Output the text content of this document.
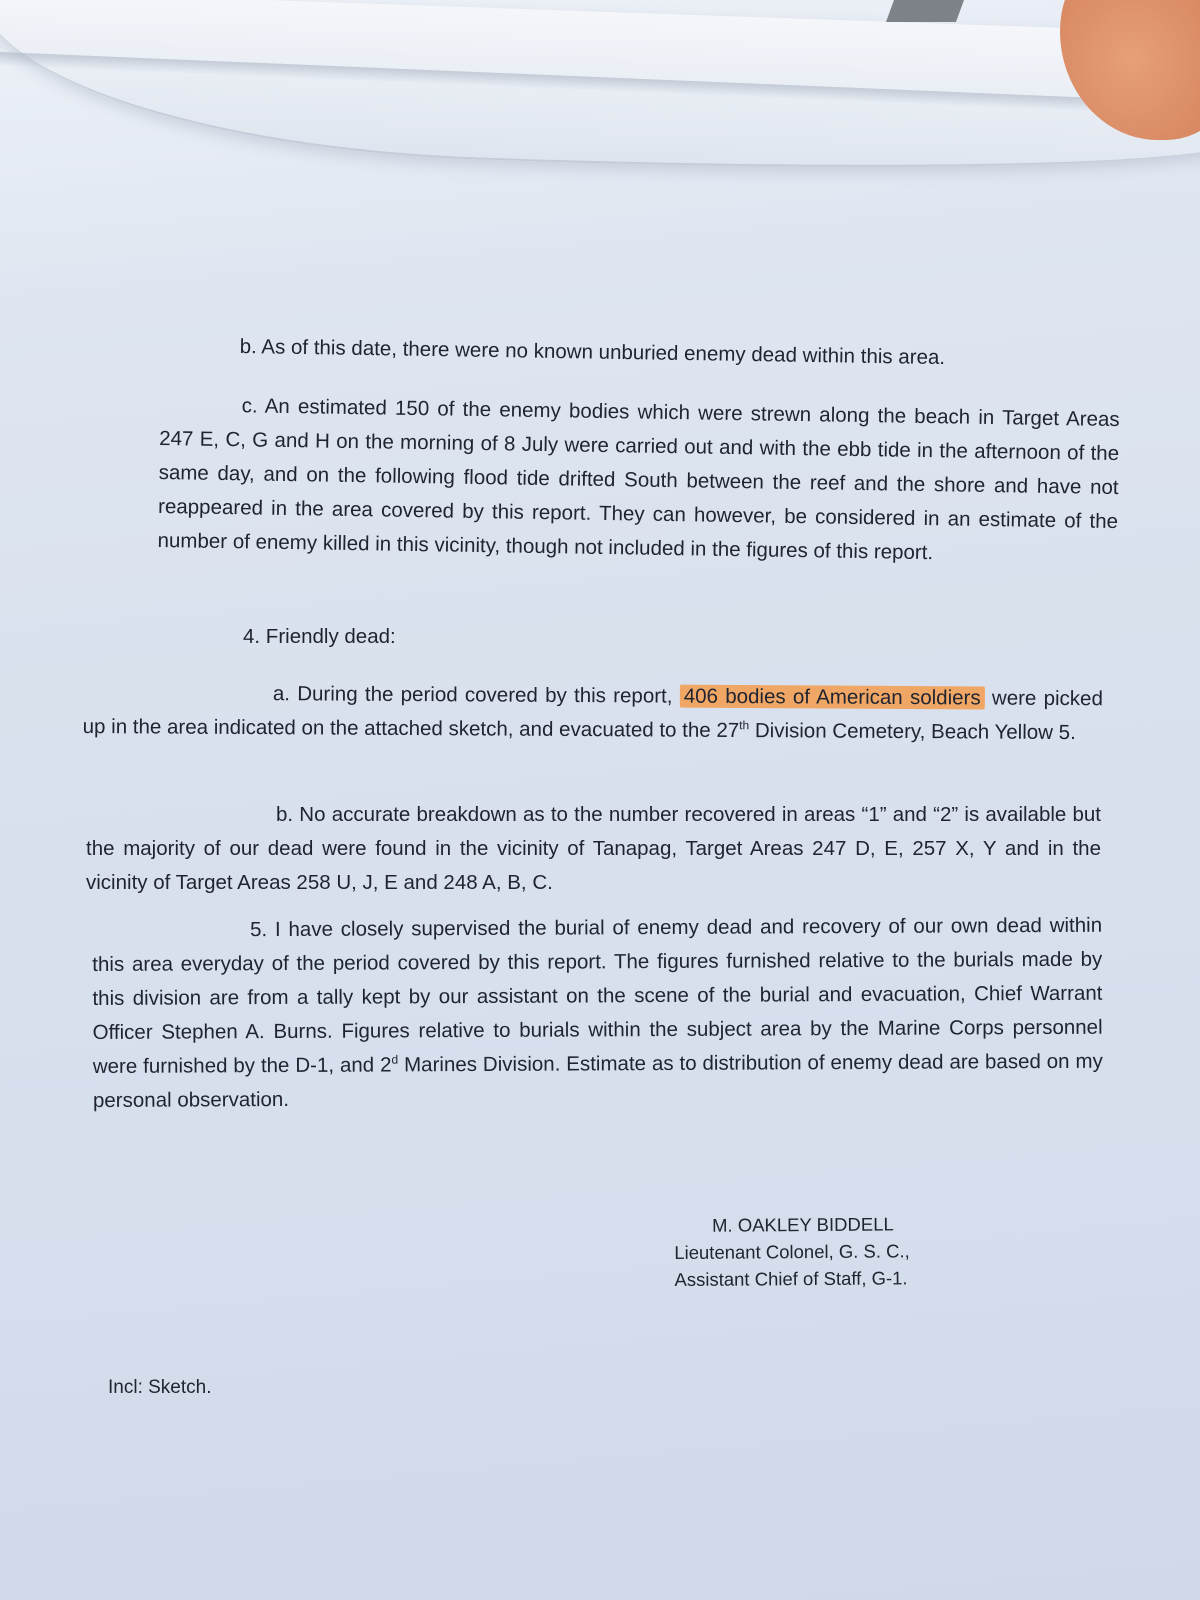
b. As of this date, there were no known unburied enemy dead within this area.

c. An estimated 150 of the enemy bodies which were strewn along the beach in Target Areas 247 E, C, G and H on the morning of 8 July were carried out and with the ebb tide in the afternoon of the same day, and on the following flood tide drifted South between the reef and the shore and have not reappeared in the area covered by this report. They can however, be considered in an estimate of the number of enemy killed in this vicinity, though not included in the figures of this report.

4. Friendly dead:

a. During the period covered by this report, 406 bodies of American soldiers were picked up in the area indicated on the attached sketch, and evacuated to the 27th Division Cemetery, Beach Yellow 5.

b. No accurate breakdown as to the number recovered in areas “1” and “2” is available but the majority of our dead were found in the vicinity of Tanapag, Target Areas 247 D, E, 257 X, Y and in the vicinity of Target Areas 258 U, J, E and 248 A, B, C.

5. I have closely supervised the burial of enemy dead and recovery of our own dead within this area everyday of the period covered by this report. The figures furnished relative to the burials made by this division are from a tally kept by our assistant on the scene of the burial and evacuation, Chief Warrant Officer Stephen A. Burns. Figures relative to burials within the subject area by the Marine Corps personnel were furnished by the D-1, and 2$^d$ Marines Division. Estimate as to distribution of enemy dead are based on my personal observation.

M. OAKLEY BIDDELL
Lieutenant Colonel, G. S. C.,
Assistant Chief of Staff, G-1.
Incl: Sketch.
